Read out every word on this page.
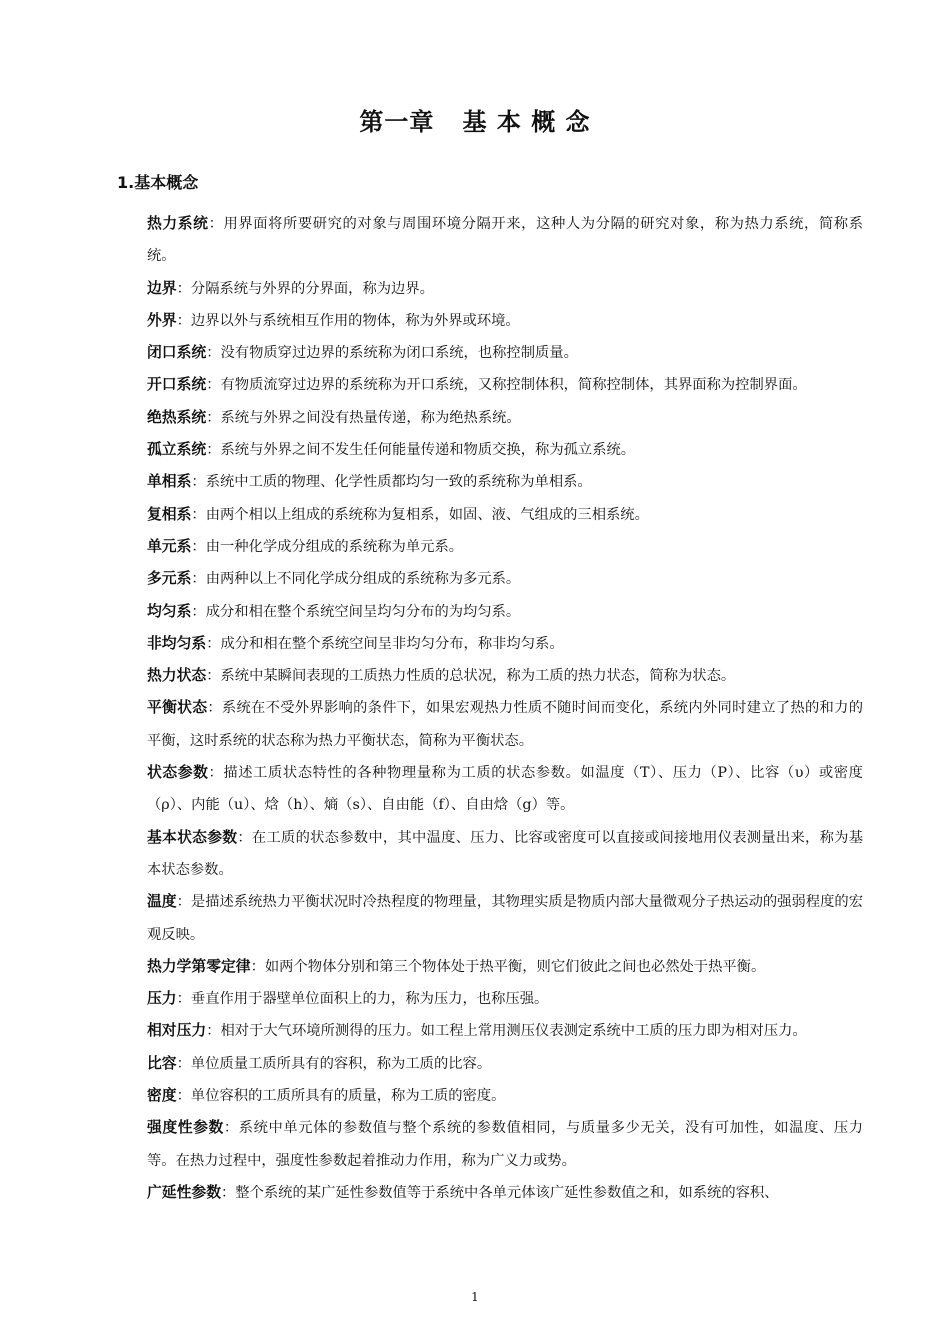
第一章   基 本 概 念
1.基本概念

热力系统：用界面将所要研究的对象与周围环境分隔开来，这种人为分隔的研究对象，称为热力系统，简称系统。

边界：分隔系统与外界的分界面，称为边界。

外界：边界以外与系统相互作用的物体，称为外界或环境。

闭口系统：没有物质穿过边界的系统称为闭口系统，也称控制质量。

开口系统：有物质流穿过边界的系统称为开口系统，又称控制体积，简称控制体，其界面称为控制界面。

绝热系统：系统与外界之间没有热量传递，称为绝热系统。

孤立系统：系统与外界之间不发生任何能量传递和物质交换，称为孤立系统。

单相系：系统中工质的物理、化学性质都均匀一致的系统称为单相系。

复相系：由两个相以上组成的系统称为复相系，如固、液、气组成的三相系统。

单元系：由一种化学成分组成的系统称为单元系。

多元系：由两种以上不同化学成分组成的系统称为多元系。

均匀系：成分和相在整个系统空间呈均匀分布的为均匀系。

非均匀系：成分和相在整个系统空间呈非均匀分布，称非均匀系。

热力状态：系统中某瞬间表现的工质热力性质的总状况，称为工质的热力状态，简称为状态。

平衡状态：系统在不受外界影响的条件下，如果宏观热力性质不随时间而变化，系统内外同时建立了热的和力的平衡，这时系统的状态称为热力平衡状态，简称为平衡状态。

状态参数：描述工质状态特性的各种物理量称为工质的状态参数。如温度（T）、压力（P）、比容（υ）或密度（ρ）、内能（u）、焓（h）、熵（s）、自由能（f）、自由焓（g）等。

基本状态参数：在工质的状态参数中，其中温度、压力、比容或密度可以直接或间接地用仪表测量出来，称为基本状态参数。

温度：是描述系统热力平衡状况时冷热程度的物理量，其物理实质是物质内部大量微观分子热运动的强弱程度的宏观反映。

热力学第零定律：如两个物体分别和第三个物体处于热平衡，则它们彼此之间也必然处于热平衡。

压力：垂直作用于器壁单位面积上的力，称为压力，也称压强。

相对压力：相对于大气环境所测得的压力。如工程上常用测压仪表测定系统中工质的压力即为相对压力。

比容：单位质量工质所具有的容积，称为工质的比容。

密度：单位容积的工质所具有的质量，称为工质的密度。

强度性参数：系统中单元体的参数值与整个系统的参数值相同，与质量多少无关，没有可加性，如温度、压力等。在热力过程中，强度性参数起着推动力作用，称为广义力或势。

广延性参数：整个系统的某广延性参数值等于系统中各单元体该广延性参数值之和，如系统的容积、

1
